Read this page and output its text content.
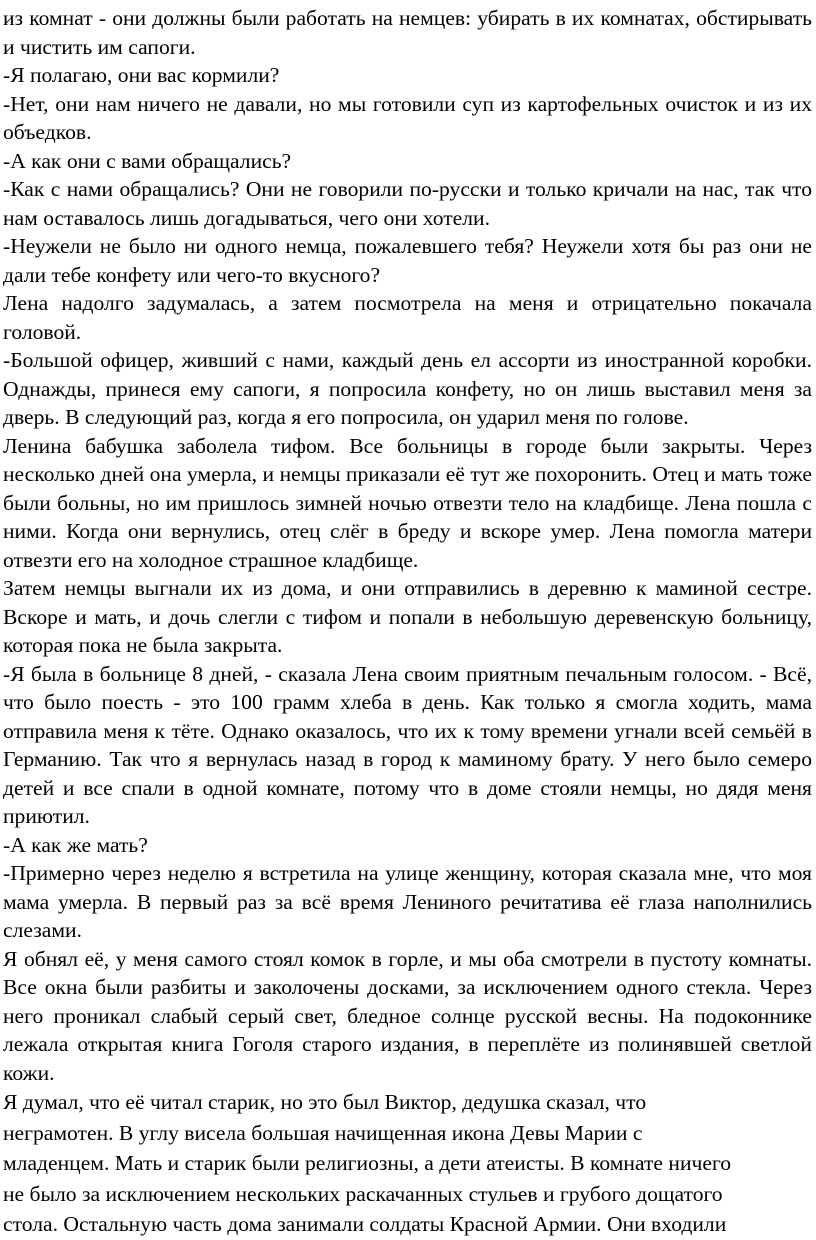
из комнат - они должны были работать на немцев: убирать в их комнатах, обстирывать и чистить им сапоги.

-Я полагаю, они вас кормили?

-Нет, они нам ничего не давали, но мы готовили суп из картофельных очисток и из их объедков.

-А как они с вами обращались?

-Как с нами обращались? Они не говорили по-русски и только кричали на нас, так что нам оставалось лишь догадываться, чего они хотели.

-Неужели не было ни одного немца, пожалевшего тебя? Неужели хотя бы раз они не дали тебе конфету или чего-то вкусного?

Лена надолго задумалась, а затем посмотрела на меня и отрицательно покачала головой.

-Большой офицер, живший с нами, каждый день ел ассорти из иностранной коробки. Однажды, принеся ему сапоги, я попросила конфету, но он лишь выставил меня за дверь. В следующий раз, когда я его попросила, он ударил меня по голове.

Ленина бабушка заболела тифом. Все больницы в городе были закрыты. Через несколько дней она умерла, и немцы приказали её тут же похоронить. Отец и мать тоже были больны, но им пришлось зимней ночью отвезти тело на кладбище. Лена пошла с ними. Когда они вернулись, отец слёг в бреду и вскоре умер. Лена помогла матери отвезти его на холодное страшное кладбище.

Затем немцы выгнали их из дома, и они отправились в деревню к маминой сестре. Вскоре и мать, и дочь слегли с тифом и попали в небольшую деревенскую больницу, которая пока не была закрыта.

-Я была в больнице 8 дней, - сказала Лена своим приятным печальным голосом. - Всё, что было поесть - это 100 грамм хлеба в день. Как только я смогла ходить, мама отправила меня к тёте. Однако оказалось, что их к тому времени угнали всей семьёй в Германию. Так что я вернулась назад в город к маминому брату. У него было семеро детей и все спали в одной комнате, потому что в доме стояли немцы, но дядя меня приютил.

-А как же мать?

-Примерно через неделю я встретила на улице женщину, которая сказала мне, что моя мама умерла. В первый раз за всё время Лениного речитатива её глаза наполнились слезами.

Я обнял её, у меня самого стоял комок в горле, и мы оба смотрели в пустоту комнаты. Все окна были разбиты и заколочены досками, за исключением одного стекла. Через него проникал слабый серый свет, бледное солнце русской весны. На подоконнике лежала открытая книга Гоголя старого издания, в переплёте из полинявшей светлой кожи.

Я думал, что её читал старик, но это был Виктор, дедушка сказал, что
неграмотен. В углу висела большая начищенная икона Девы Марии с
младенцем. Мать и старик были религиозны, а дети атеисты. В комнате ничего
не было за исключением нескольких раскачанных стульев и грубого дощатого
стола. Остальную часть дома занимали солдаты Красной Армии. Они входили
